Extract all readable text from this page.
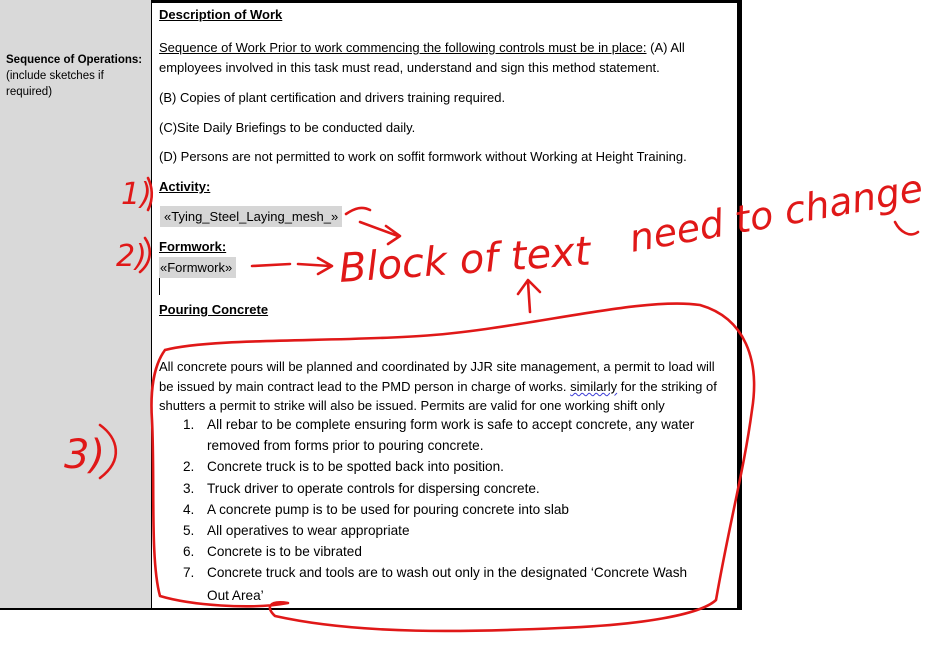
Sequence of Operations:
(include sketches if required)
Description of Work
Sequence of Work Prior to work commencing the following controls must be in place: (A) All
employees involved in this task must read, understand and sign this method statement.
(B) Copies of plant certification and drivers training required.
(C)Site Daily Briefings to be conducted daily.
(D) Persons are not permitted to work on soffit formwork without Working at Height Training.
Activity:
«Tying_Steel_Laying_mesh_»
Formwork:
«Formwork»
Pouring Concrete
All concrete pours will be planned and coordinated by JJR site management, a permit to load will
be issued by main contract lead to the PMD person in charge of works. similarly for the striking of
shutters a permit to strike will also be issued. Permits are valid for one working shift only
1. All rebar to be complete ensuring form work is safe to accept concrete, any water
removed from forms prior to pouring concrete.
2. Concrete truck is to be spotted back into position.
3. Truck driver to operate controls for dispersing concrete.
4. A concrete pump is to be used for pouring concrete into slab
5. All operatives to wear appropriate
6. Concrete is to be vibrated
7. Concrete truck and tools are to wash out only in the designated ‘Concrete Wash
Out Area’
1)
2)
3)
Block of text need to change
